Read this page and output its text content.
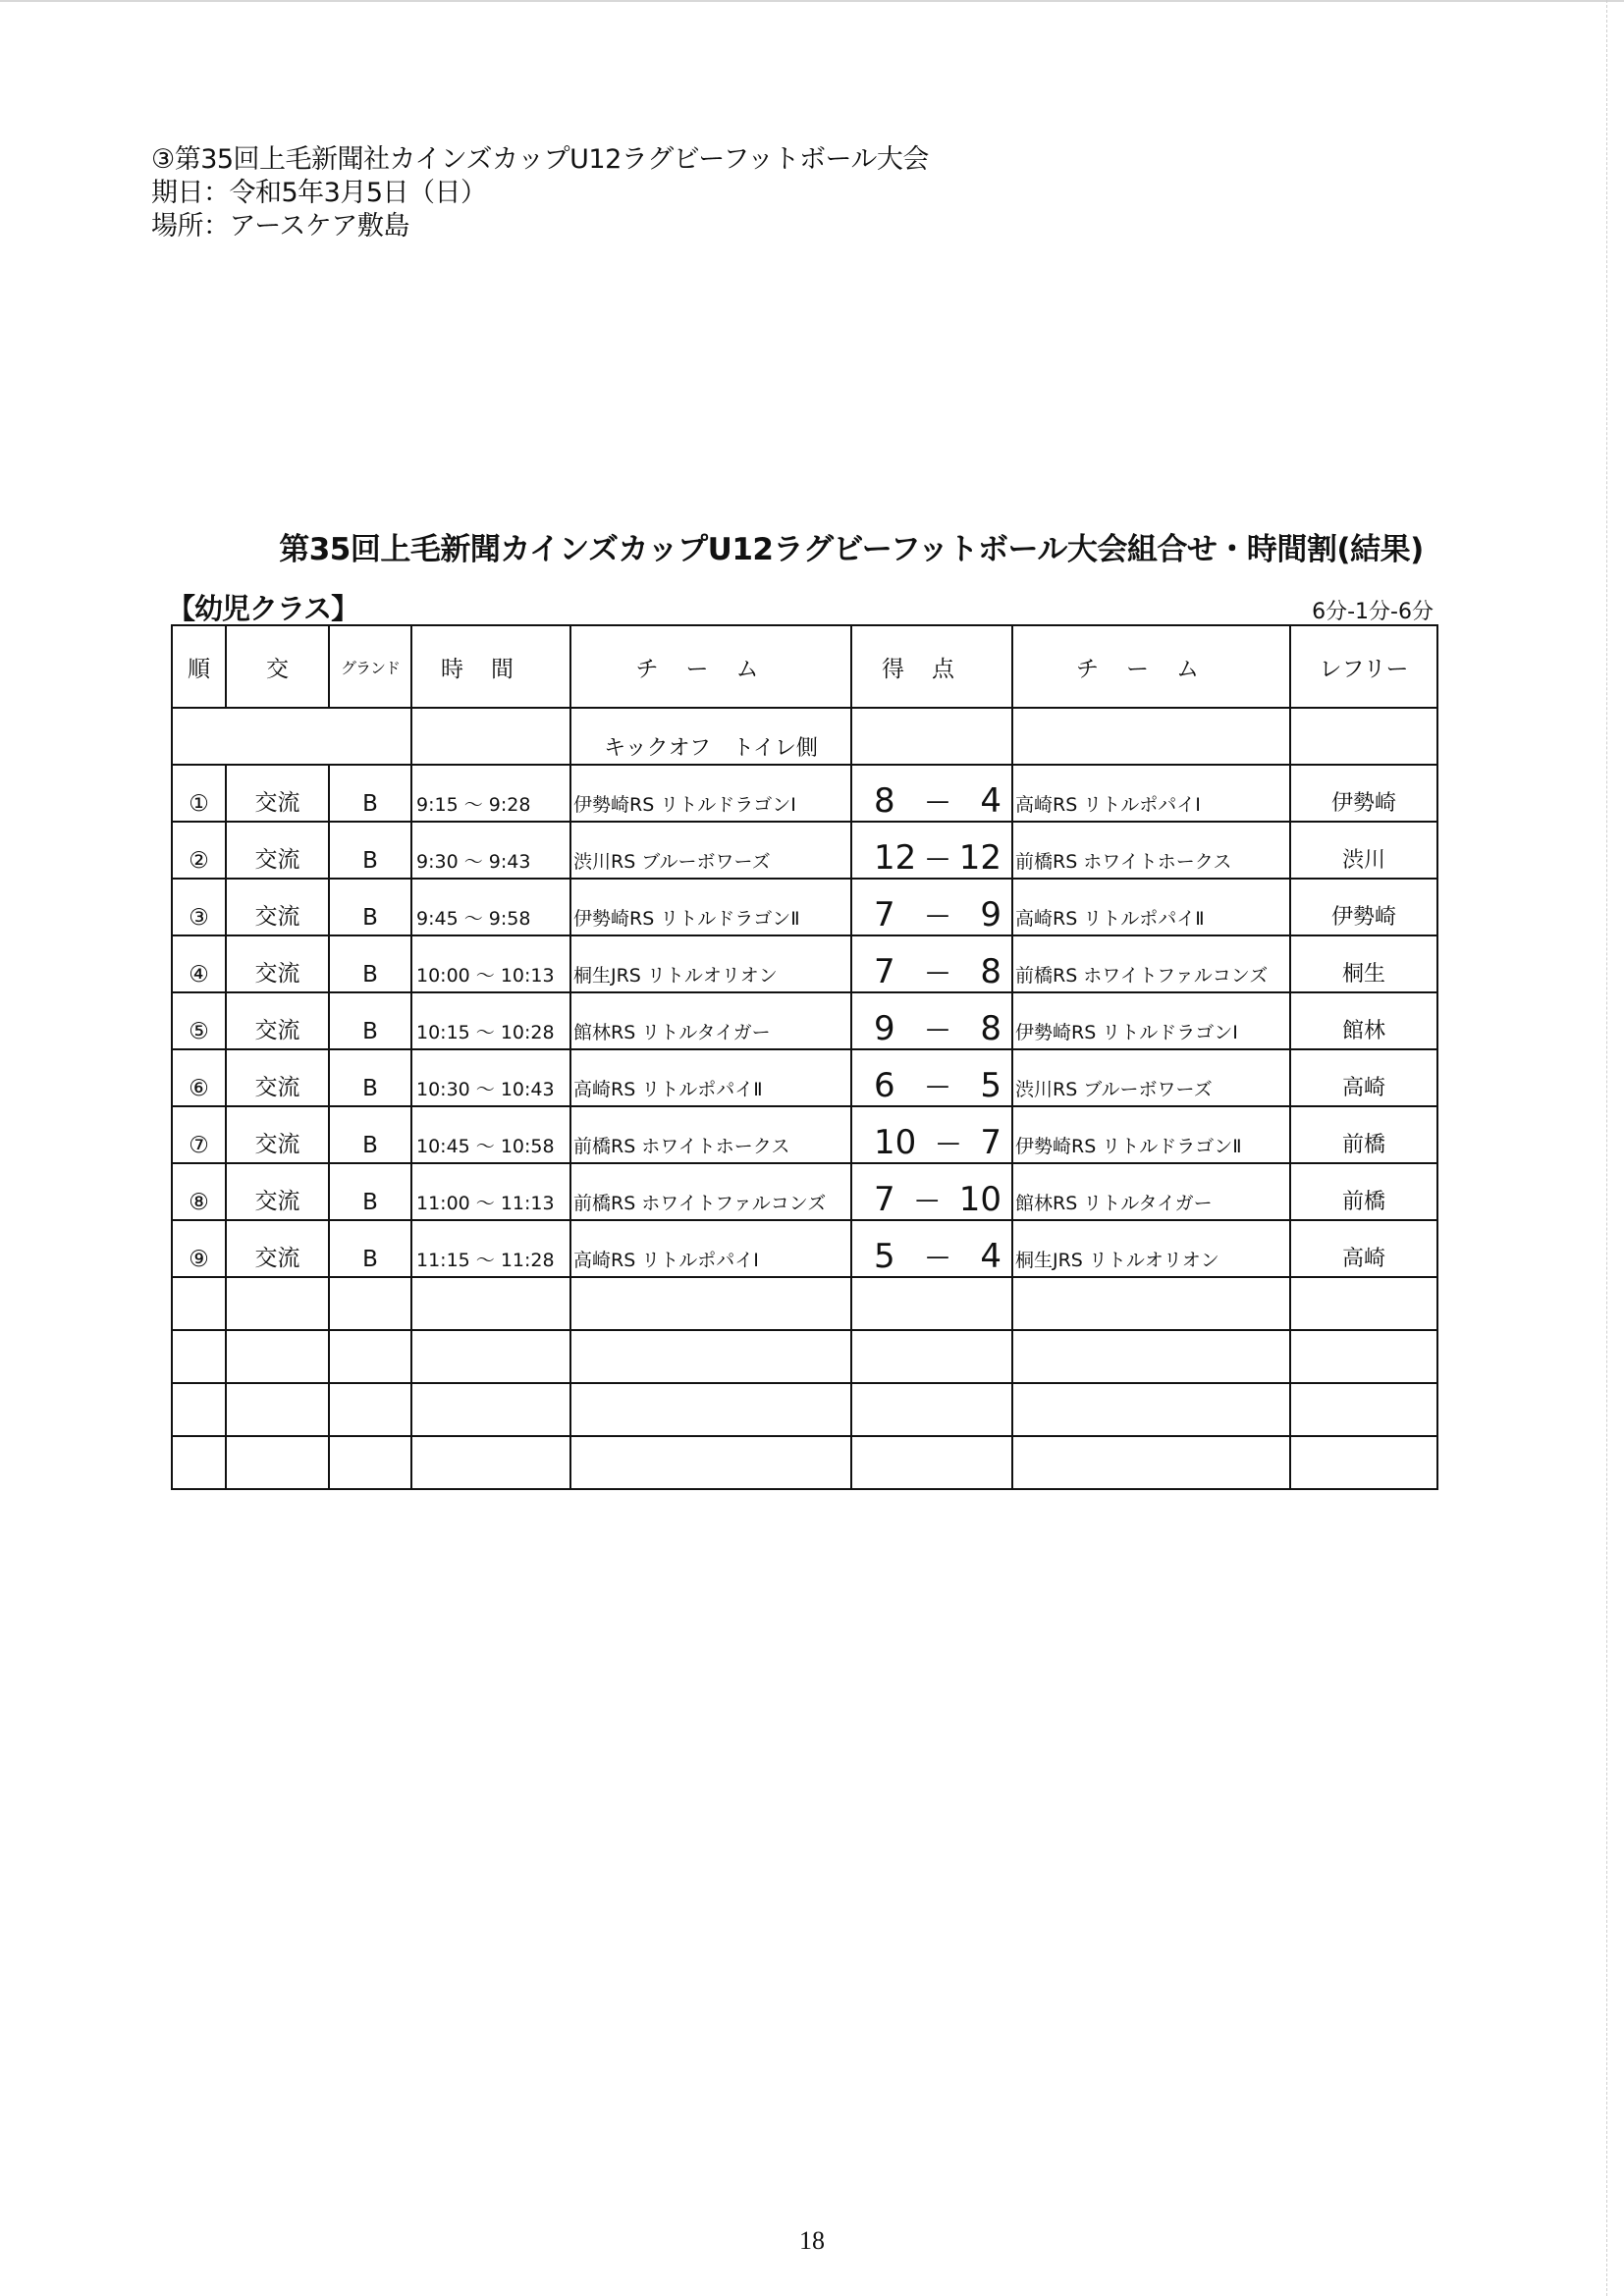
③第35回上毛新聞社カインズカップU12ラグビーフットボール大会
期日：令和5年3月5日（日）
場所：アースケア敷島
第35回上毛新聞カインズカップU12ラグビーフットボール大会組合せ・時間割(結果)
【幼児クラス】	6分-1分-6分
順	交	グランド	時間	チーム	得点	チーム	レフリー
				キックオフ　トイレ側			
①	交流	B	9:15 ～ 9:28	伊勢崎RS リトルドラゴンⅠ	8 — 4	高崎RS リトルポパイⅠ	伊勢崎
②	交流	B	9:30 ～ 9:43	渋川RS ブルーボワーズ	12 — 12	前橋RS ホワイトホークス	渋川
③	交流	B	9:45 ～ 9:58	伊勢崎RS リトルドラゴンⅡ	7 — 9	高崎RS リトルポパイⅡ	伊勢崎
④	交流	B	10:00 ～ 10:13	桐生JRS リトルオリオン	7 — 8	前橋RS ホワイトファルコンズ	桐生
⑤	交流	B	10:15 ～ 10:28	館林RS リトルタイガー	9 — 8	伊勢崎RS リトルドラゴンⅠ	館林
⑥	交流	B	10:30 ～ 10:43	高崎RS リトルポパイⅡ	6 — 5	渋川RS ブルーボワーズ	高崎
⑦	交流	B	10:45 ～ 10:58	前橋RS ホワイトホークス	10 — 7	伊勢崎RS リトルドラゴンⅡ	前橋
⑧	交流	B	11:00 ～ 11:13	前橋RS ホワイトファルコンズ	7 — 10	館林RS リトルタイガー	前橋
⑨	交流	B	11:15 ～ 11:28	高崎RS リトルポパイⅠ	5 — 4	桐生JRS リトルオリオン	高崎

18
